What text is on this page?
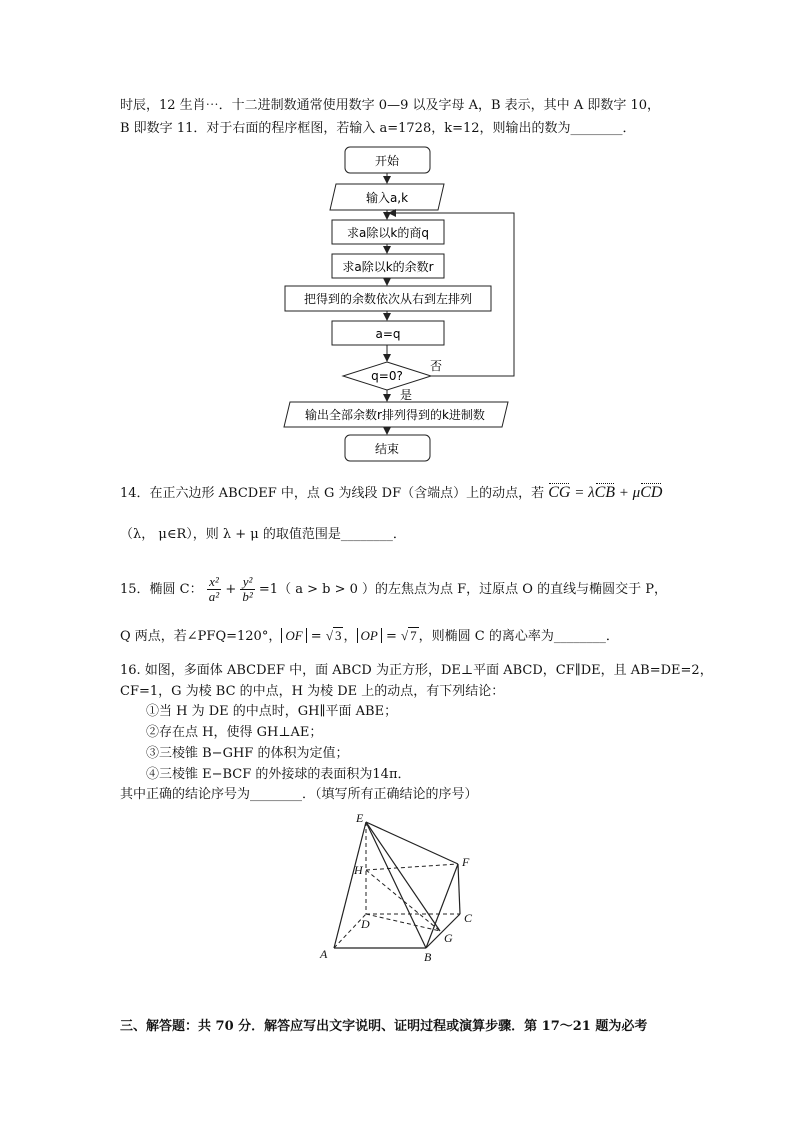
时辰，12 生肖⋯．十二进制数通常使用数字 0—9 以及字母 A，B 表示，其中 A 即数字 10，
B 即数字 11．对于右面的程序框图，若输入 a=1728，k=12，则输出的数为________．
开始
输入a,k
求a除以k的商q
求a除以k的余数r
把得到的余数依次从右到左排列
a=q
q=0?
否
是
输出全部余数r排列得到的k进制数
结束
14．在正六边形 ABCDEF 中，点 G 为线段 DF（含端点）上的动点，若 CG = λCB + μCD
（λ， μ∈R），则 λ + μ 的取值范围是________．
15．椭圆 C： $\frac{\text{x²}}{\text{a²}} + \frac{\text{y²}}{\text{b²}} =1$（ a > b > 0 ）的左焦点为点 F，过原点 O 的直线与椭圆交于 P，
Q 两点，若∠PFQ=120°， OF = √ 3 ， OP = √ 7 ，则椭圆 C 的离心率为________．
16. 如图，多面体 ABCDEF 中，面 ABCD 为正方形，DE⊥平面 ABCD，CF∥DE，且 AB=DE=2，
CF=1，G 为棱 BC 的中点，H 为棱 DE 上的动点，有下列结论：
①当 H 为 DE 的中点时，GH∥平面 ABE；
②存在点 H，使得 GH⊥AE；
③三棱锥 B−GHF 的体积为定值；
④三棱锥 E−BCF 的外接球的表面积为14π．
其中正确的结论序号为________．（填写所有正确结论的序号）
E
F
H
D	C
G
A	B
三、解答题：共 70 分．解答应写出文字说明、证明过程或演算步骤．第 17～21 题为必考
